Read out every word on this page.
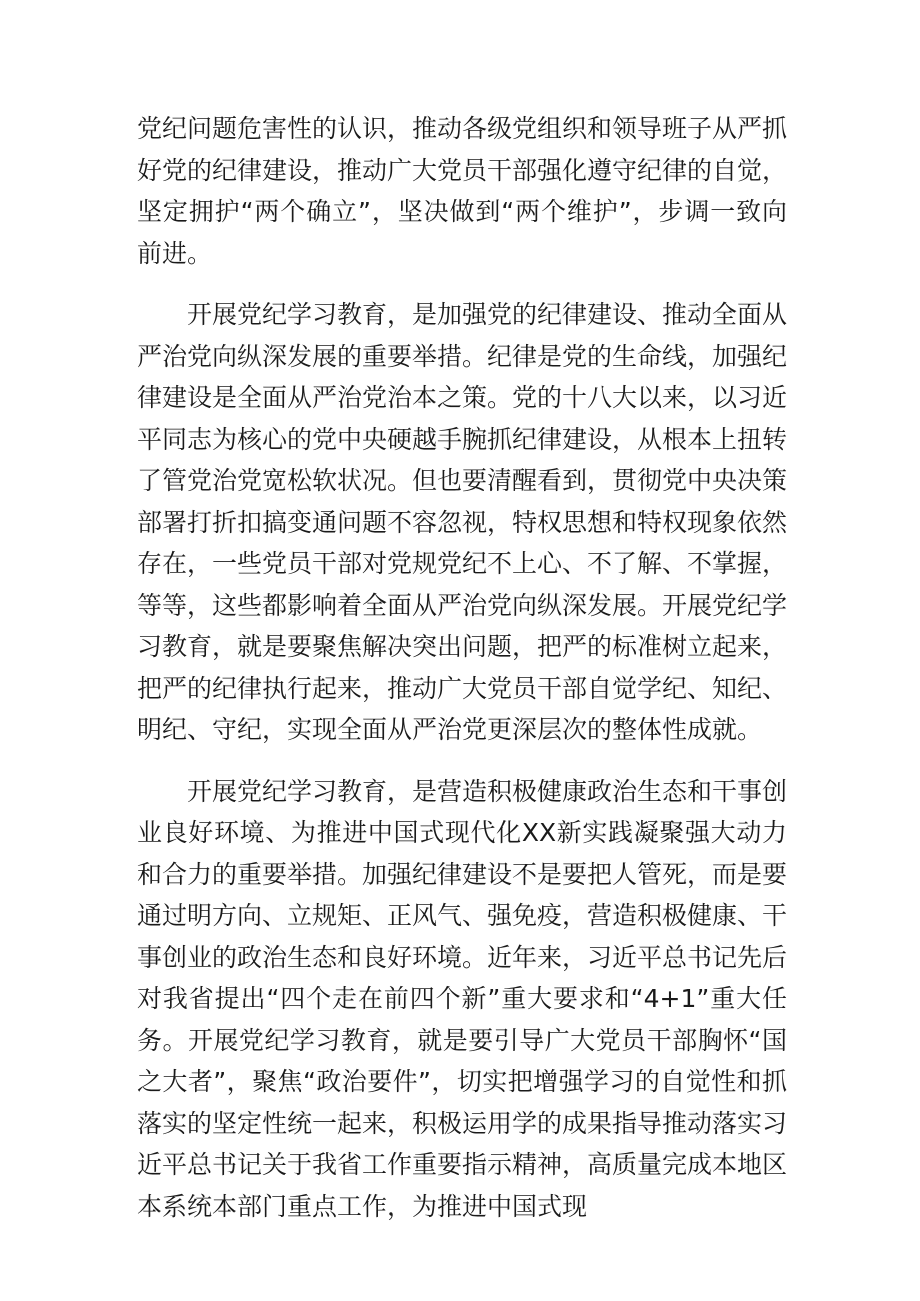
党纪问题危害性的认识，推动各级党组织和领导班子从严抓好党的纪律建设，推动广大党员干部强化遵守纪律的自觉，坚定拥护“两个确立”，坚决做到“两个维护”，步调一致向前进。

开展党纪学习教育，是加强党的纪律建设、推动全面从严治党向纵深发展的重要举措。纪律是党的生命线，加强纪律建设是全面从严治党治本之策。党的十八大以来，以习近平同志为核心的党中央硬越手腕抓纪律建设，从根本上扭转了管党治党宽松软状况。但也要清醒看到，贯彻党中央决策部署打折扣搞变通问题不容忽视，特权思想和特权现象依然存在，一些党员干部对党规党纪不上心、不了解、不掌握，等等，这些都影响着全面从严治党向纵深发展。开展党纪学习教育，就是要聚焦解决突出问题，把严的标准树立起来，把严的纪律执行起来，推动广大党员干部自觉学纪、知纪、明纪、守纪，实现全面从严治党更深层次的整体性成就。

开展党纪学习教育，是营造积极健康政治生态和干事创业良好环境、为推进中国式现代化XX新实践凝聚强大动力和合力的重要举措。加强纪律建设不是要把人管死，而是要通过明方向、立规矩、正风气、强免疫，营造积极健康、干事创业的政治生态和良好环境。近年来，习近平总书记先后对我省提出“四个走在前四个新”重大要求和“4+1”重大任务。开展党纪学习教育，就是要引导广大党员干部胸怀“国之大者”，聚焦“政治要件”，切实把增强学习的自觉性和抓落实的坚定性统一起来，积极运用学的成果指导推动落实习近平总书记关于我省工作重要指示精神，高质量完成本地区本系统本部门重点工作，为推进中国式现
